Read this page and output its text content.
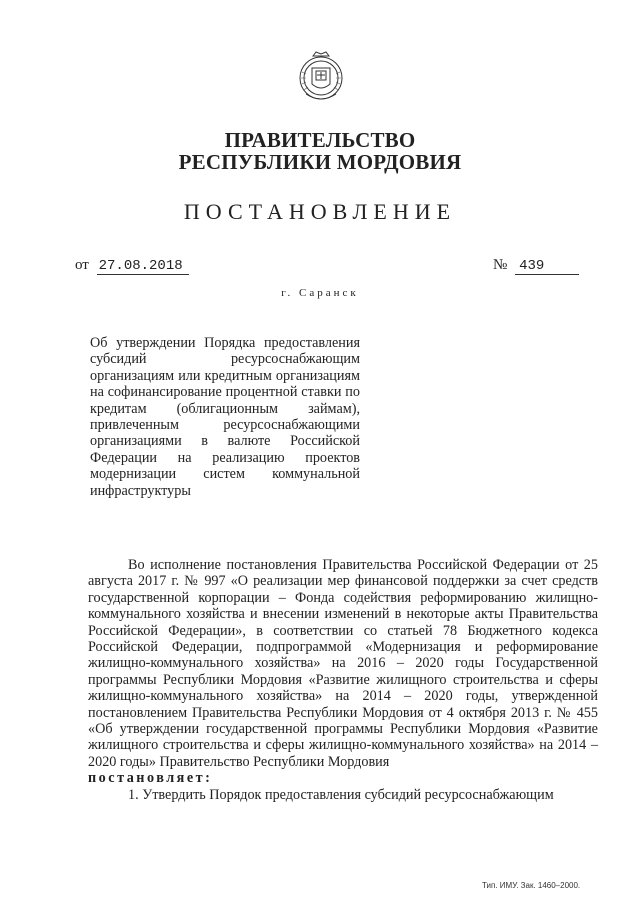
ПРАВИТЕЛЬСТВО
РЕСПУБЛИКИ МОРДОВИЯ
ПОСТАНОВЛЕНИЕ
от 27.08.2018	№ 439
г. Саранск
Об утверждении Порядка предоставления субсидий ресурсоснабжающим организациям или кредитным организациям на софинансирование процентной ставки по кредитам (облигационным займам), привлеченным ресурсоснабжающими организациями в валюте Российской Федерации на реализацию проектов модернизации систем коммунальной инфраструктуры

Во исполнение постановления Правительства Российской Федерации от 25 августа 2017 г. № 997 «О реализации мер финансовой поддержки за счет средств государственной корпорации – Фонда содействия реформированию жилищно-коммунального хозяйства и внесении изменений в некоторые акты Правительства Российской Федерации», в соответствии со статьей 78 Бюджетного кодекса Российской Федерации, подпрограммой «Модернизация и реформирование жилищно-коммунального хозяйства» на 2016 – 2020 годы Государственной программы Республики Мордовия «Развитие жилищного строительства и сферы жилищно-коммунального хозяйства» на 2014 – 2020 годы, утвержденной постановлением Правительства Республики Мордовия от 4 октября 2013 г. № 455 «Об утверждении государственной программы Республики Мордовия «Развитие жилищного строительства и сферы жилищно-коммунального хозяйства» на 2014 – 2020 годы» Правительство Республики Мордовия

постановляет:

1. Утвердить Порядок предоставления субсидий ресурсоснабжающим

Тип. ИМУ. Зак. 1460–2000.
